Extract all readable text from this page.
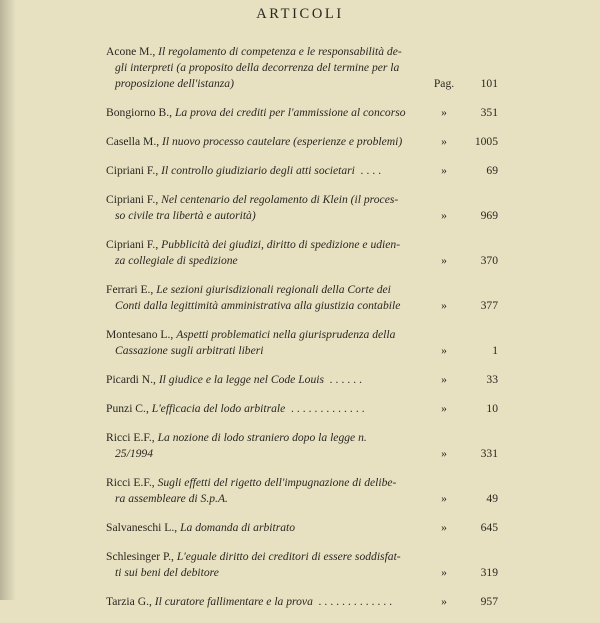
ARTICOLI
Acone M., Il regolamento di competenza e le responsabilità de-
gli interpreti (a proposito della decorrenza del termine per la
proposizione dell'istanza)	Pag.	101
Bongiorno B., La prova dei crediti per l'ammissione al concorso	»	351
Casella M., Il nuovo processo cautelare (esperienze e problemi)	»	1005
Cipriani F., Il controllo giudiziario degli atti societari ....	»	69
Cipriani F., Nel centenario del regolamento di Klein (il proces-
so civile tra libertà e autorità)	»	969
Cipriani F., Pubblicità dei giudizi, diritto di spedizione e udien-
za collegiale di spedizione	»	370
Ferrari E., Le sezioni giurisdizionali regionali della Corte dei
Conti dalla legittimità amministrativa alla giustizia contabile	»	377
Montesano L., Aspetti problematici nella giurisprudenza della
Cassazione sugli arbitrati liberi	»	1
Picardi N., Il giudice e la legge nel Code Louis ......	»	33
Punzi C., L'efficacia del lodo arbitrale .............	»	10
Ricci E.F., La nozione di lodo straniero dopo la legge n.
25/1994	»	331
Ricci E.F., Sugli effetti del rigetto dell'impugnazione di delibe-
ra assembleare di S.p.A.	»	49
Salvaneschi L., La domanda di arbitrato	»	645
Schlesinger P., L'eguale diritto dei creditori di essere soddisfat-
ti sui beni del debitore	»	319
Tarzia G., Il curatore fallimentare e la prova .............	»	957
